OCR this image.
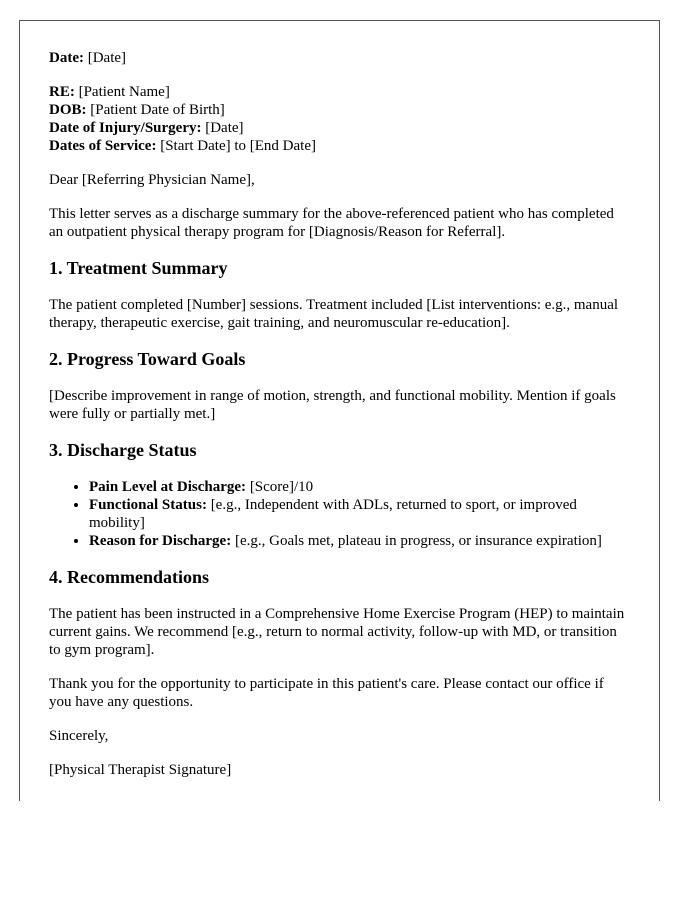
Date: [Date]

RE: [Patient Name]

DOB: [Patient Date of Birth]

Date of Injury/Surgery: [Date]

Dates of Service: [Start Date] to [End Date]

Dear [Referring Physician Name],

This letter serves as a discharge summary for the above-referenced patient who has completed an outpatient physical therapy program for [Diagnosis/Reason for Referral].

1. Treatment Summary

The patient completed [Number] sessions. Treatment included [List interventions: e.g., manual therapy, therapeutic exercise, gait training, and neuromuscular re-education].

2. Progress Toward Goals

[Describe improvement in range of motion, strength, and functional mobility. Mention if goals were fully or partially met.]

3. Discharge Status
• Pain Level at Discharge: [Score]/10
• Functional Status: [e.g., Independent with ADLs, returned to sport, or improved mobility]
• Reason for Discharge: [e.g., Goals met, plateau in progress, or insurance expiration]
4. Recommendations

The patient has been instructed in a Comprehensive Home Exercise Program (HEP) to maintain current gains. We recommend [e.g., return to normal activity, follow-up with MD, or transition to gym program].

Thank you for the opportunity to participate in this patient's care. Please contact our office if you have any questions.

Sincerely,

[Physical Therapist Signature]
